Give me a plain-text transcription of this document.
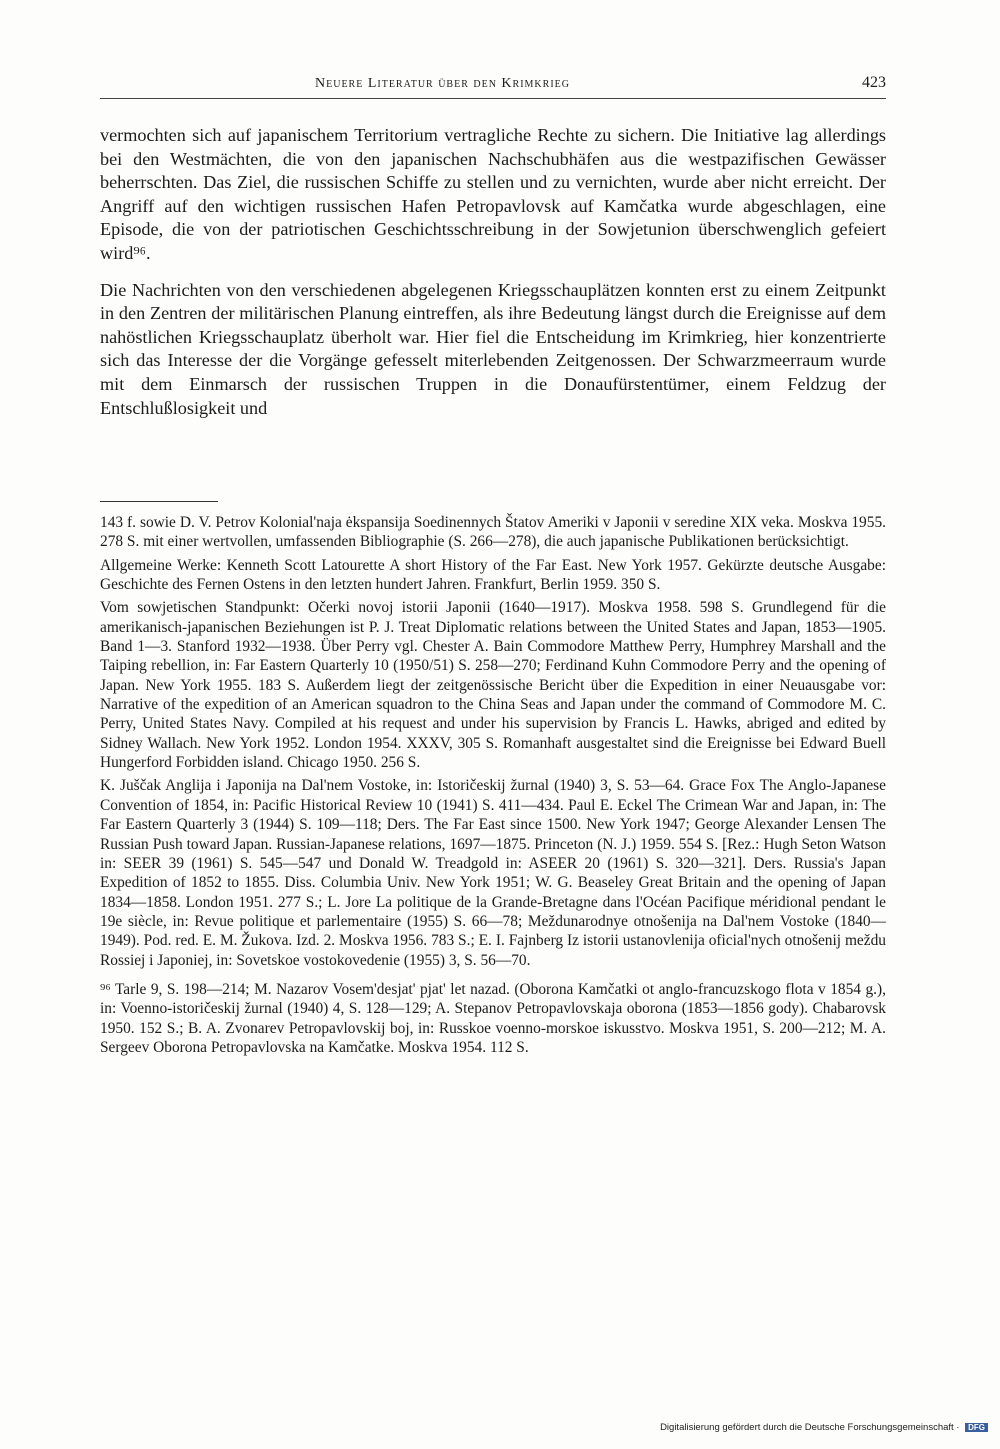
Neuere Literatur über den Krimkrieg	423

vermochten sich auf japanischem Territorium vertragliche Rechte zu sichern. Die Initiative lag allerdings bei den Westmächten, die von den japanischen Nachschubhäfen aus die westpazifischen Gewässer beherrschten. Das Ziel, die russischen Schiffe zu stellen und zu vernichten, wurde aber nicht erreicht. Der Angriff auf den wichtigen russischen Hafen Petropavlovsk auf Kamčatka wurde abgeschlagen, eine Episode, die von der patriotischen Geschichtsschreibung in der Sowjetunion überschwenglich gefeiert wird⁹⁶.

Die Nachrichten von den verschiedenen abgelegenen Kriegsschauplätzen konnten erst zu einem Zeitpunkt in den Zentren der militärischen Planung eintreffen, als ihre Bedeutung längst durch die Ereignisse auf dem nahöstlichen Kriegsschauplatz überholt war. Hier fiel die Entscheidung im Krimkrieg, hier konzentrierte sich das Interesse der die Vorgänge gefesselt miterlebenden Zeitgenossen. Der Schwarzmeerraum wurde mit dem Einmarsch der russischen Truppen in die Donaufürstentümer, einem Feldzug der Entschlußlosigkeit und

143 f. sowie D. V. Petrov Kolonial'naja ėkspansija Soedinennych Štatov Ameriki v Japonii v seredine XIX veka. Moskva 1955. 278 S. mit einer wertvollen, umfassenden Bibliographie (S. 266—278), die auch japanische Publikationen berücksichtigt.

Allgemeine Werke: Kenneth Scott Latourette A short History of the Far East. New York 1957. Gekürzte deutsche Ausgabe: Geschichte des Fernen Ostens in den letzten hundert Jahren. Frankfurt, Berlin 1959. 350 S.

Vom sowjetischen Standpunkt: Očerki novoj istorii Japonii (1640—1917). Moskva 1958. 598 S. Grundlegend für die amerikanisch-japanischen Beziehungen ist P. J. Treat Diplomatic relations between the United States and Japan, 1853—1905. Band 1—3. Stanford 1932—1938. Über Perry vgl. Chester A. Bain Commodore Matthew Perry, Humphrey Marshall and the Taiping rebellion, in: Far Eastern Quarterly 10 (1950/51) S. 258—270; Ferdinand Kuhn Commodore Perry and the opening of Japan. New York 1955. 183 S. Außerdem liegt der zeitgenössische Bericht über die Expedition in einer Neuausgabe vor: Narrative of the expedition of an American squadron to the China Seas and Japan under the command of Commodore M. C. Perry, United States Navy. Compiled at his request and under his supervision by Francis L. Hawks, abriged and edited by Sidney Wallach. New York 1952. London 1954. XXXV, 305 S. Romanhaft ausgestaltet sind die Ereignisse bei Edward Buell Hungerford Forbidden island. Chicago 1950. 256 S.

K. Juščak Anglija i Japonija na Dal'nem Vostoke, in: Istoričeskij žurnal (1940) 3, S. 53—64. Grace Fox The Anglo-Japanese Convention of 1854, in: Pacific Historical Review 10 (1941) S. 411—434. Paul E. Eckel The Crimean War and Japan, in: The Far Eastern Quarterly 3 (1944) S. 109—118; Ders. The Far East since 1500. New York 1947; George Alexander Lensen The Russian Push toward Japan. Russian-Japanese relations, 1697—1875. Princeton (N. J.) 1959. 554 S. [Rez.: Hugh Seton Watson in: SEER 39 (1961) S. 545—547 und Donald W. Treadgold in: ASEER 20 (1961) S. 320—321]. Ders. Russia's Japan Expedition of 1852 to 1855. Diss. Columbia Univ. New York 1951; W. G. Beaseley Great Britain and the opening of Japan 1834—1858. London 1951. 277 S.; L. Jore La politique de la Grande-Bretagne dans l'Océan Pacifique méridional pendant le 19e siècle, in: Revue politique et parlementaire (1955) S. 66—78; Meždunarodnye otnošenija na Dal'nem Vostoke (1840—1949). Pod. red. E. M. Žukova. Izd. 2. Moskva 1956. 783 S.; E. I. Fajnberg Iz istorii ustanovlenija oficial'nych otnošenij meždu Rossiej i Japoniej, in: Sovetskoe vostokovedenie (1955) 3, S. 56—70.

⁹⁶ Tarle 9, S. 198—214; M. Nazarov Vosem'desjat' pjat' let nazad. (Oborona Kamčatki ot anglo-francuzskogo flota v 1854 g.), in: Voenno-istoričeskij žurnal (1940) 4, S. 128—129; A. Stepanov Petropavlovskaja oborona (1853—1856 gody). Chabarovsk 1950. 152 S.; B. A. Zvonarev Petropavlovskij boj, in: Russkoe voenno-morskoe iskusstvo. Moskva 1951, S. 200—212; M. A. Sergeev Oborona Petropavlovska na Kamčatke. Moskva 1954. 112 S.

Digitalisierung gefördert durch die Deutsche Forschungsgemeinschaft · DFG
